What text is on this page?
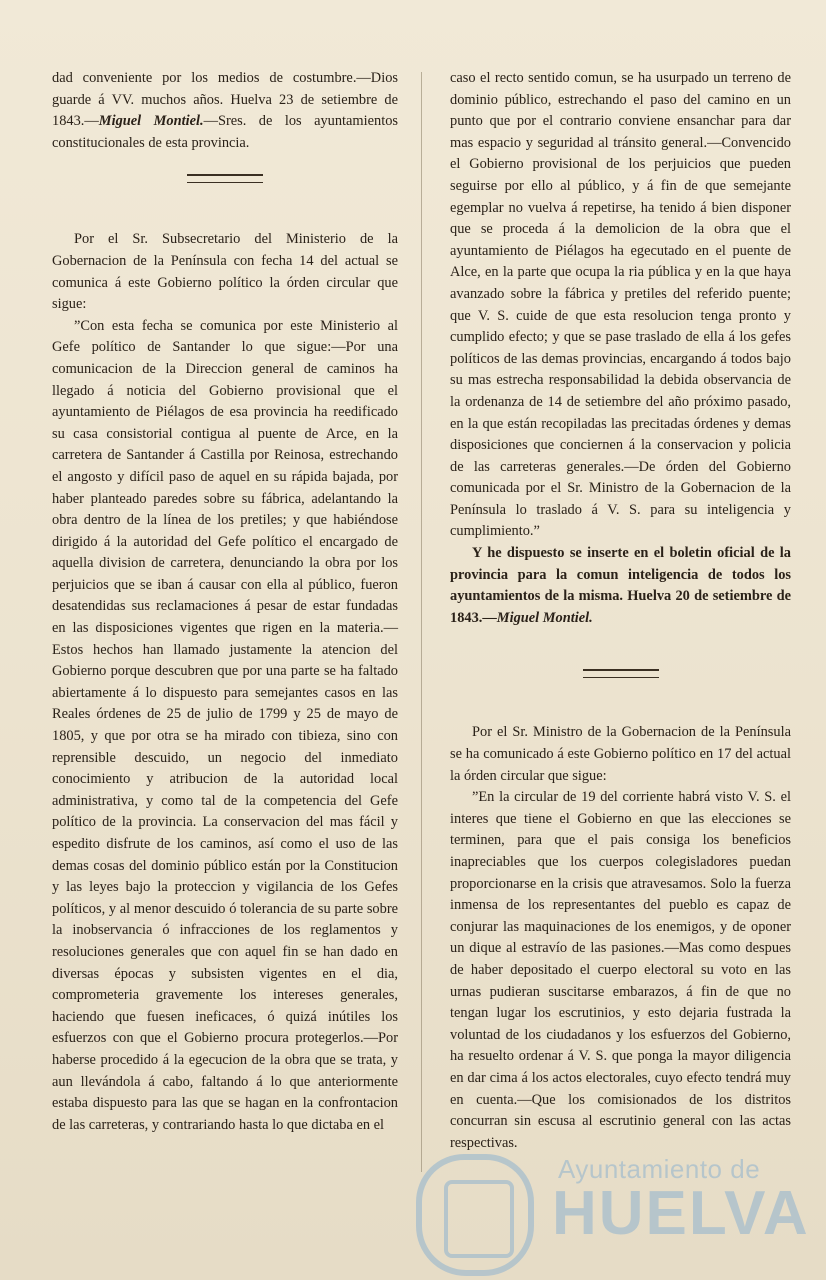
dad conveniente por los medios de costumbre.—Dios guarde á VV. muchos años. Huelva 23 de setiembre de 1843.—Miguel Montiel.—Sres. de los ayuntamientos constitucionales de esta provincia.

Por el Sr. Subsecretario del Ministerio de la Gobernacion de la Península con fecha 14 del actual se comunica á este Gobierno político la órden circular que sigue:

”Con esta fecha se comunica por este Ministerio al Gefe político de Santander lo que sigue:—Por una comunicacion de la Direccion general de caminos ha llegado á noticia del Gobierno provisional que el ayuntamiento de Piélagos de esa provincia ha reedificado su casa consistorial contigua al puente de Arce, en la carretera de Santander á Castilla por Reinosa, estrechando el angosto y difícil paso de aquel en su rápida bajada, por haber planteado paredes sobre su fábrica, adelantando la obra dentro de la línea de los pretiles; y que habiéndose dirigido á la autoridad del Gefe político el encargado de aquella division de carretera, denunciando la obra por los perjuicios que se iban á causar con ella al público, fueron desatendidas sus reclamaciones á pesar de estar fundadas en las disposiciones vigentes que rigen en la materia.—Estos hechos han llamado justamente la atencion del Gobierno porque descubren que por una parte se ha faltado abiertamente á lo dispuesto para semejantes casos en las Reales órdenes de 25 de julio de 1799 y 25 de mayo de 1805, y que por otra se ha mirado con tibieza, sino con reprensible descuido, un negocio del inmediato conocimiento y atribucion de la autoridad local administrativa, y como tal de la competencia del Gefe político de la provincia. La conservacion del mas fácil y espedito disfrute de los caminos, así como el uso de las demas cosas del dominio público están por la Constitucion y las leyes bajo la proteccion y vigilancia de los Gefes políticos, y al menor descuido ó tolerancia de su parte sobre la inobservancia ó infracciones de los reglamentos y resoluciones generales que con aquel fin se han dado en diversas épocas y subsisten vigentes en el dia, comprometeria gravemente los intereses generales, haciendo que fuesen ineficaces, ó quizá inútiles los esfuerzos con que el Gobierno procura protegerlos.—Por haberse procedido á la egecucion de la obra que se trata, y aun llevándola á cabo, faltando á lo que anteriormente estaba dispuesto para las que se hagan en la confrontacion de las carreteras, y contrariando hasta lo que dictaba en el

caso el recto sentido comun, se ha usurpado un terreno de dominio público, estrechando el paso del camino en un punto que por el contrario conviene ensanchar para dar mas espacio y seguridad al tránsito general.—Convencido el Gobierno provisional de los perjuicios que pueden seguirse por ello al público, y á fin de que semejante egemplar no vuelva á repetirse, ha tenido á bien disponer que se proceda á la demolicion de la obra que el ayuntamiento de Piélagos ha egecutado en el puente de Alce, en la parte que ocupa la ria pública y en la que haya avanzado sobre la fábrica y pretiles del referido puente; que V. S. cuide de que esta resolucion tenga pronto y cumplido efecto; y que se pase traslado de ella á los gefes políticos de las demas provincias, encargando á todos bajo su mas estrecha responsabilidad la debida observancia de la ordenanza de 14 de setiembre del año próximo pasado, en la que están recopiladas las precitadas órdenes y demas disposiciones que conciernen á la conservacion y policia de las carreteras generales.—De órden del Gobierno comunicada por el Sr. Ministro de la Gobernacion de la Península lo traslado á V. S. para su inteligencia y cumplimiento.”

Y he dispuesto se inserte en el boletin oficial de la provincia para la comun inteligencia de todos los ayuntamientos de la misma. Huelva 20 de setiembre de 1843.—Miguel Montiel.

Por el Sr. Ministro de la Gobernacion de la Península se ha comunicado á este Gobierno político en 17 del actual la órden circular que sigue:

”En la circular de 19 del corriente habrá visto V. S. el interes que tiene el Gobierno en que las elecciones se terminen, para que el pais consiga los beneficios inapreciables que los cuerpos colegisladores puedan proporcionarse en la crisis que atravesamos. Solo la fuerza inmensa de los representantes del pueblo es capaz de conjurar las maquinaciones de los enemigos, y de oponer un dique al estravío de las pasiones.—Mas como despues de haber depositado el cuerpo electoral su voto en las urnas pudieran suscitarse embarazos, á fin de que no tengan lugar los escrutinios, y esto dejaria fustrada la voluntad de los ciudadanos y los esfuerzos del Gobierno, ha resuelto ordenar á V. S. que ponga la mayor diligencia en dar cima á los actos electorales, cuyo efecto tendrá muy en cuenta.—Que los comisionados de los distritos concurran sin escusa al escrutinio general con las actas respectivas.

Ayuntamiento de
HUELVA
